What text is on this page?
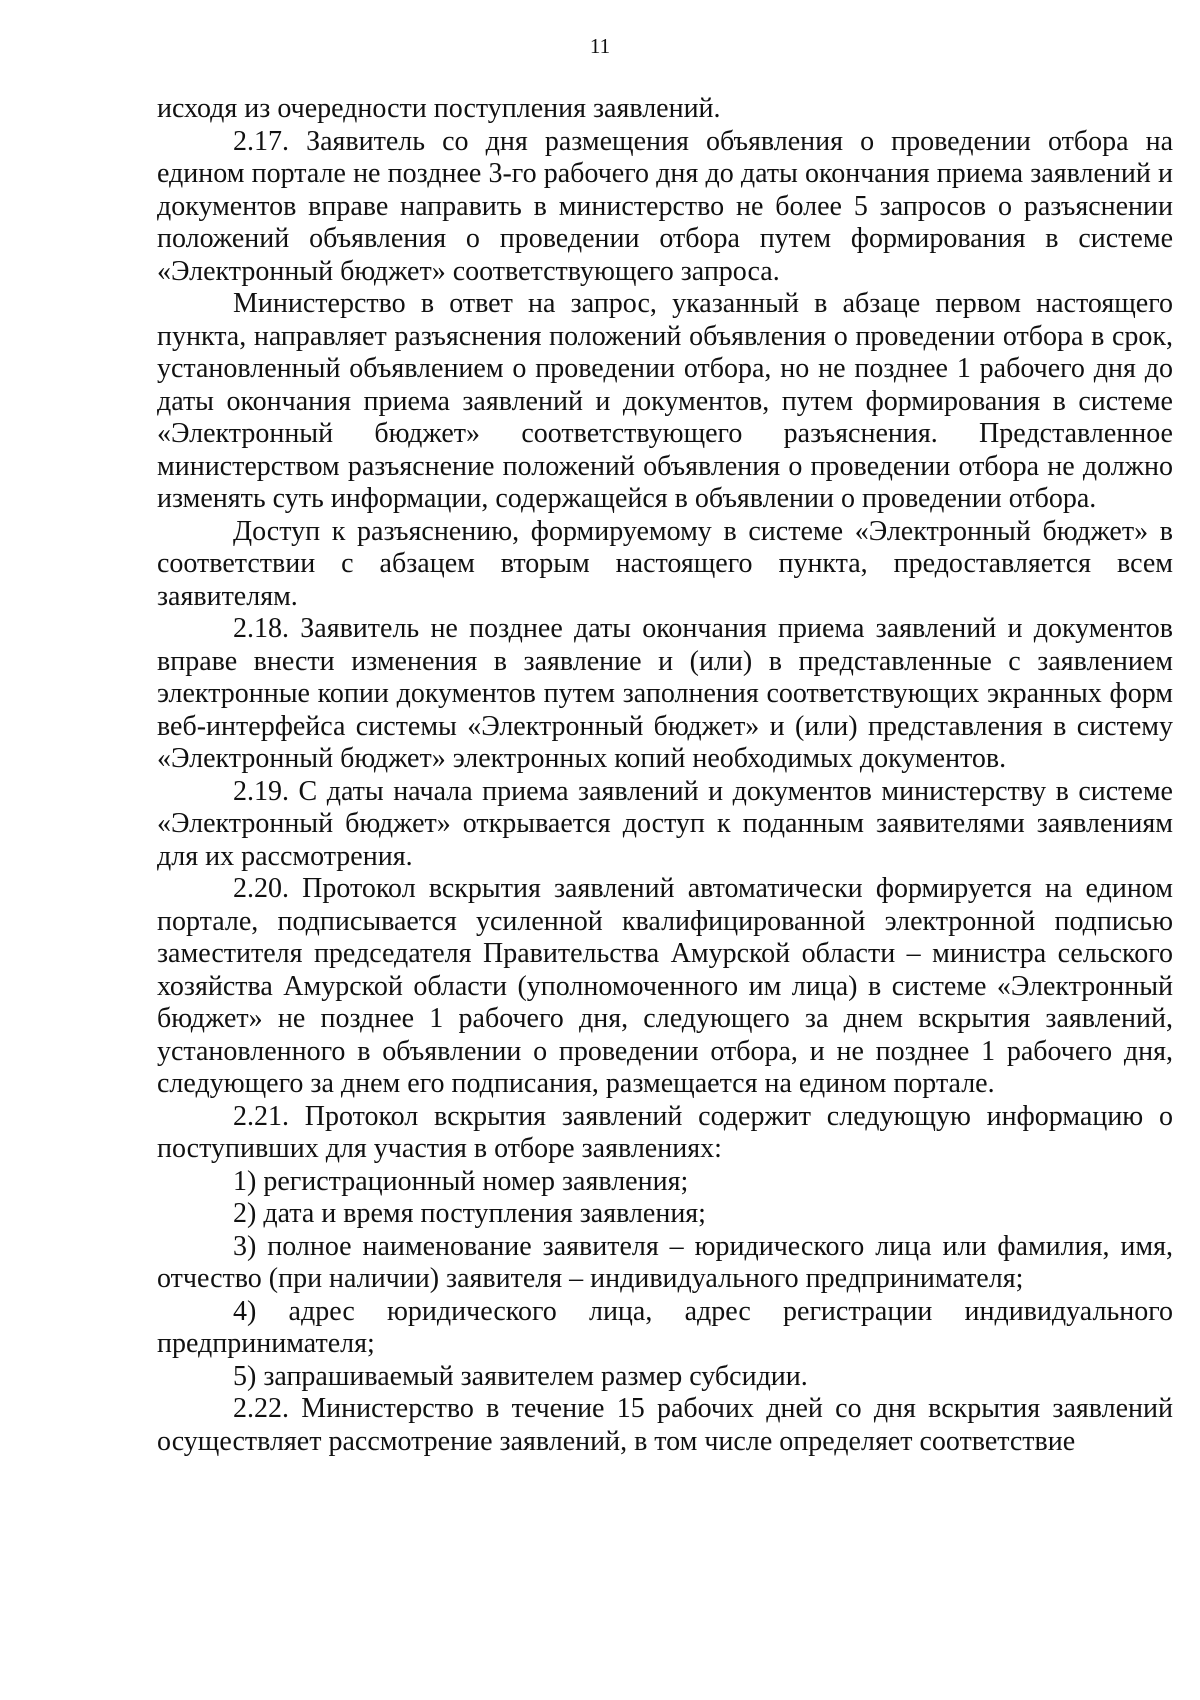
11

исходя из очередности поступления заявлений.

2.17. Заявитель со дня размещения объявления о проведении отбора на едином портале не позднее 3-го рабочего дня до даты окончания приема заявлений и документов вправе направить в министерство не более 5 запросов о разъяснении положений объявления о проведении отбора путем формирования в системе «Электронный бюджет» соответствующего запроса.

Министерство в ответ на запрос, указанный в абзаце первом настоящего пункта, направляет разъяснения положений объявления о проведении отбора в срок, установленный объявлением о проведении отбора, но не позднее 1 рабочего дня до даты окончания приема заявлений и документов, путем формирования в системе «Электронный бюджет» соответствующего разъяснения. Представленное министерством разъяснение положений объявления о проведении отбора не должно изменять суть информации, содержащейся в объявлении о проведении отбора.

Доступ к разъяснению, формируемому в системе «Электронный бюджет» в соответствии с абзацем вторым настоящего пункта, предоставляется всем заявителям.

2.18. Заявитель не позднее даты окончания приема заявлений и документов вправе внести изменения в заявление и (или) в представленные с заявлением электронные копии документов путем заполнения соответствующих экранных форм веб-интерфейса системы «Электронный бюджет» и (или) представления в систему «Электронный бюджет» электронных копий необходимых документов.

2.19. С даты начала приема заявлений и документов министерству в системе «Электронный бюджет» открывается доступ к поданным заявителями заявлениям для их рассмотрения.

2.20. Протокол вскрытия заявлений автоматически формируется на едином портале, подписывается усиленной квалифицированной электронной подписью заместителя председателя Правительства Амурской области – министра сельского хозяйства Амурской области (уполномоченного им лица) в системе «Электронный бюджет» не позднее 1 рабочего дня, следующего за днем вскрытия заявлений, установленного в объявлении о проведении отбора, и не позднее 1 рабочего дня, следующего за днем его подписания, размещается на едином портале.

2.21. Протокол вскрытия заявлений содержит следующую информацию о поступивших для участия в отборе заявлениях:

1) регистрационный номер заявления;

2) дата и время поступления заявления;

3) полное наименование заявителя – юридического лица или фамилия, имя, отчество (при наличии) заявителя – индивидуального предпринимателя;

4) адрес юридического лица, адрес регистрации индивидуального предпринимателя;

5) запрашиваемый заявителем размер субсидии.

2.22. Министерство в течение 15 рабочих дней со дня вскрытия заявлений осуществляет рассмотрение заявлений, в том числе определяет соответствие
